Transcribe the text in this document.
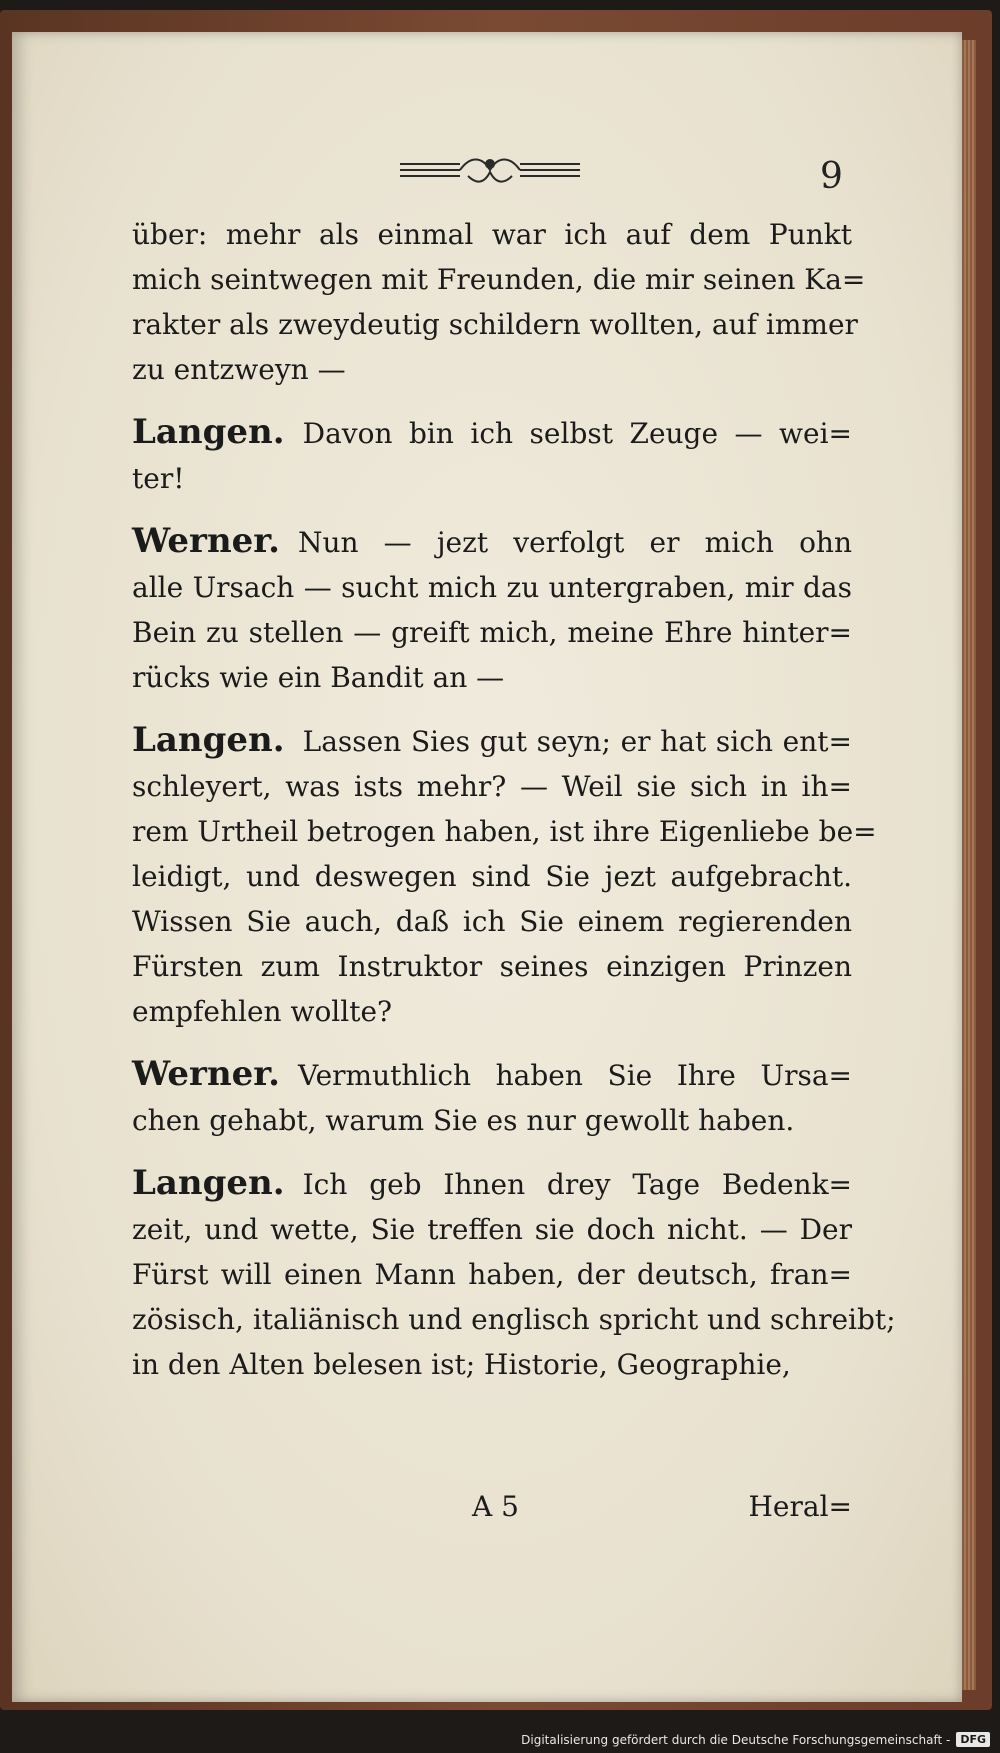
9
über: mehr als einmal war ich auf dem Punkt
mich seintwegen mit Freunden, die mir seinen Ka=
rakter als zweydeutig schildern wollten, auf immer
zu entzweyn —
Langen. Davon bin ich selbst Zeuge — wei=
ter!
Werner. Nun — jezt verfolgt er mich ohn
alle Ursach — sucht mich zu untergraben, mir das
Bein zu stellen — greift mich, meine Ehre hinter=
rücks wie ein Bandit an —
Langen. Lassen Sies gut seyn; er hat sich ent=
schleyert, was ists mehr? — Weil sie sich in ih=
rem Urtheil betrogen haben, ist ihre Eigenliebe be=
leidigt, und deswegen sind Sie jezt aufgebracht.
Wissen Sie auch, daß ich Sie einem regierenden
Fürsten zum Instruktor seines einzigen Prinzen
empfehlen wollte?
Werner. Vermuthlich haben Sie Ihre Ursa=
chen gehabt, warum Sie es nur gewollt haben.
Langen. Ich geb Ihnen drey Tage Bedenk=
zeit, und wette, Sie treffen sie doch nicht. — Der
Fürst will einen Mann haben, der deutsch, fran=
zösisch, italiänisch und englisch spricht und schreibt;
in den Alten belesen ist; Historie, Geographie,
A 5	Heral=
Digitalisierung gefördert durch die Deutsche Forschungsgemeinschaft - DFG
